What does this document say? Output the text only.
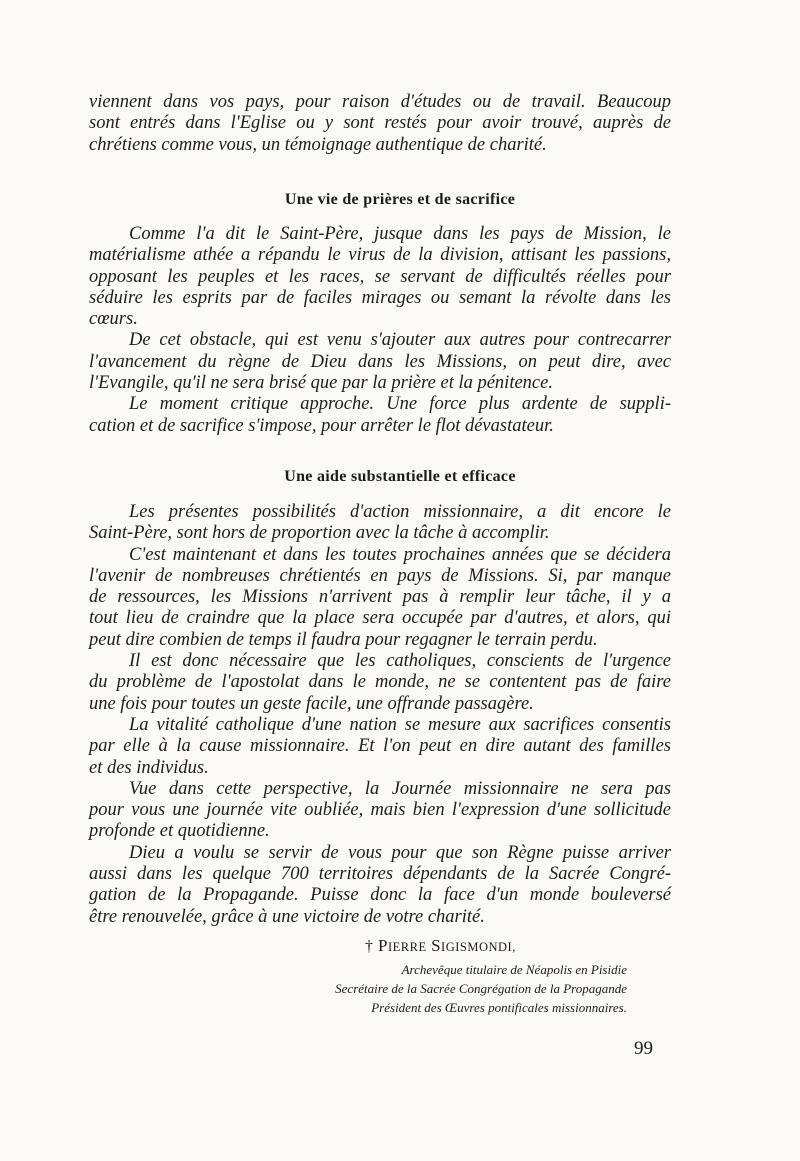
viennent dans vos pays, pour raison d'études ou de travail. Beaucoup

sont entrés dans l'Eglise ou y sont restés pour avoir trouvé, auprès de

chrétiens comme vous, un témoignage authentique de charité.

Une vie de prières et de sacrifice

Comme l'a dit le Saint-Père, jusque dans les pays de Mission, le

matérialisme athée a répandu le virus de la division, attisant les passions,

opposant les peuples et les races, se servant de difficultés réelles pour

séduire les esprits par de faciles mirages ou semant la révolte dans les

cœurs.

De cet obstacle, qui est venu s'ajouter aux autres pour contrecarrer

l'avancement du règne de Dieu dans les Missions, on peut dire, avec

l'Evangile, qu'il ne sera brisé que par la prière et la pénitence.

Le moment critique approche. Une force plus ardente de suppli-

cation et de sacrifice s'impose, pour arrêter le flot dévastateur.

Une aide substantielle et efficace

Les présentes possibilités d'action missionnaire, a dit encore le

Saint-Père, sont hors de proportion avec la tâche à accomplir.

C'est maintenant et dans les toutes prochaines années que se décidera

l'avenir de nombreuses chrétientés en pays de Missions. Si, par manque

de ressources, les Missions n'arrivent pas à remplir leur tâche, il y a

tout lieu de craindre que la place sera occupée par d'autres, et alors, qui

peut dire combien de temps il faudra pour regagner le terrain perdu.

Il est donc nécessaire que les catholiques, conscients de l'urgence

du problème de l'apostolat dans le monde, ne se contentent pas de faire

une fois pour toutes un geste facile, une offrande passagère.

La vitalité catholique d'une nation se mesure aux sacrifices consentis

par elle à la cause missionnaire. Et l'on peut en dire autant des familles

et des individus.

Vue dans cette perspective, la Journée missionnaire ne sera pas

pour vous une journée vite oubliée, mais bien l'expression d'une sollicitude

profonde et quotidienne.

Dieu a voulu se servir de vous pour que son Règne puisse arriver

aussi dans les quelque 700 territoires dépendants de la Sacrée Congré-

gation de la Propagande. Puisse donc la face d'un monde bouleversé

être renouvelée, grâce à une victoire de votre charité.

† PIERRE SIGISMONDI,
Archevêque titulaire de Néapolis en Pisidie
Secrétaire de la Sacrée Congrégation de la Propagande
Président des Œuvres pontificales missionnaires.
99
